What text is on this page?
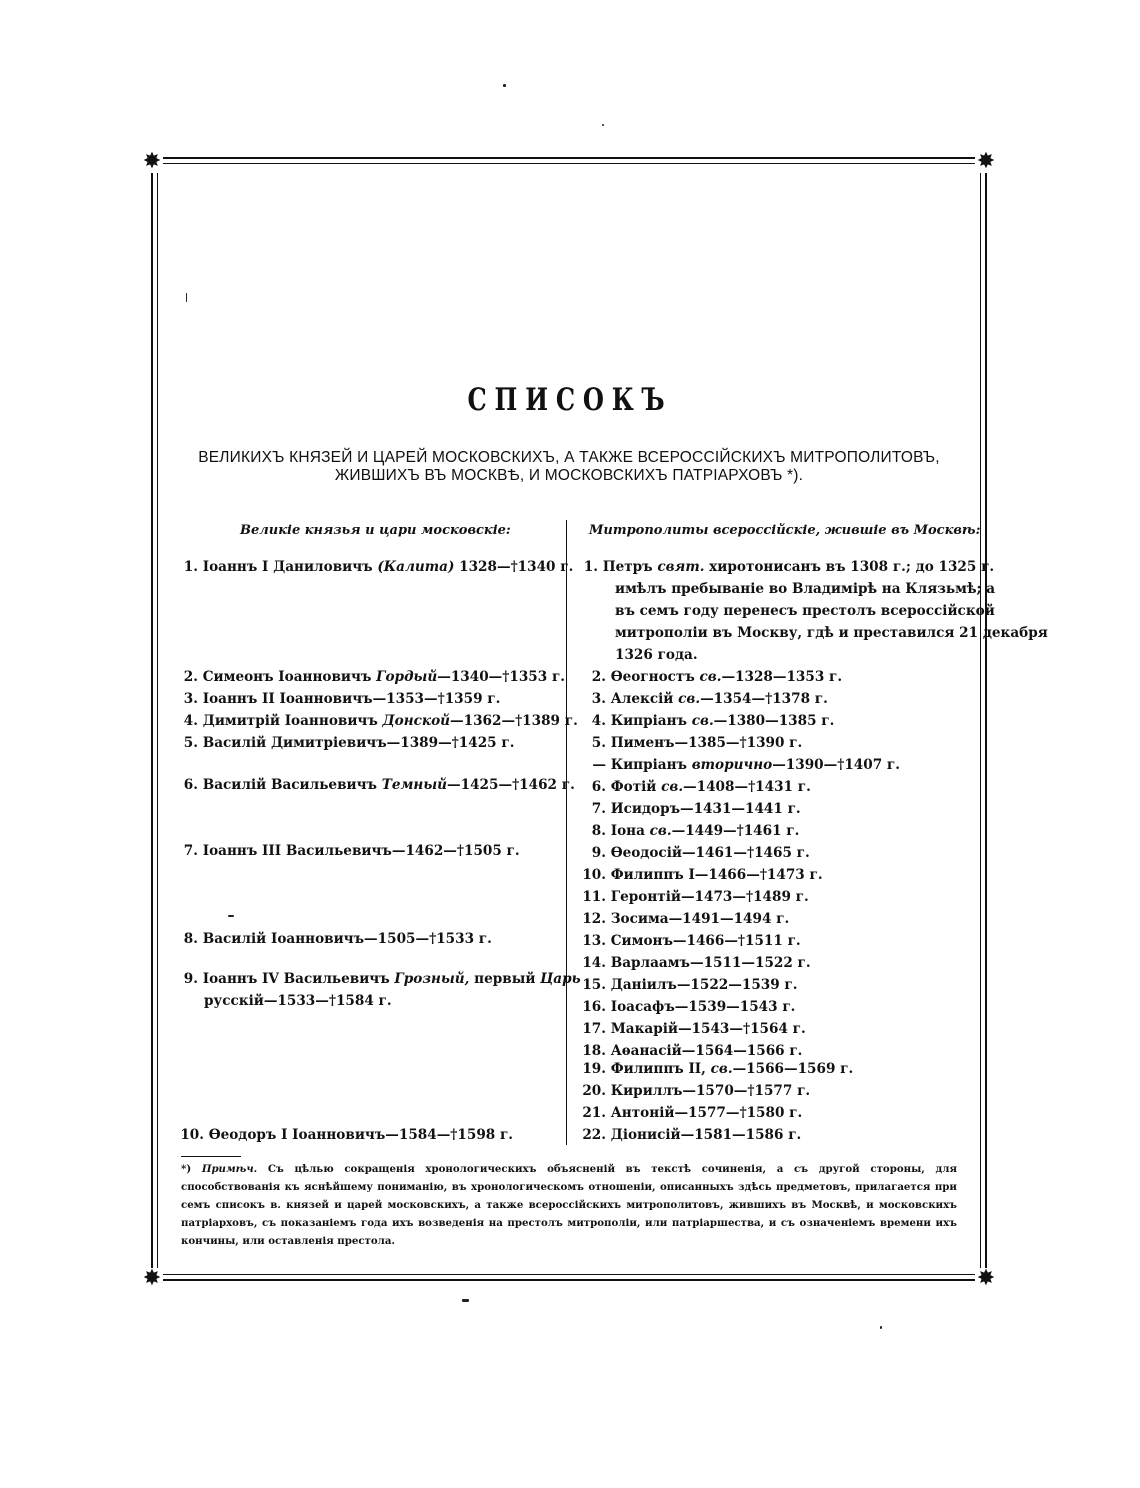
✸	✸
✸	✸
СПИСОКЪ
ВЕЛИКИХЪ КНЯЗЕЙ И ЦАРЕЙ МОСКОВСКИХЪ, А ТАКЖЕ ВСЕРОССІЙСКИХЪ МИТРОПОЛИТОВЪ,
ЖИВШИХЪ ВЪ МОСКВѢ, И МОСКОВСКИХЪ ПАТРІАРХОВЪ *).
Великіе князья и цари московскіе:	Митрополиты всероссійскіе, жившіе въ Москвѣ:
1. Іоаннъ I Даниловичъ (Калита) 1328—†1340 г.
2. Симеонъ Іоанновичъ Гордый—1340—†1353 г.
3. Іоаннъ II Іоанновичъ—1353—†1359 г.
4. Димитрій Іоанновичъ Донской—1362—†1389 г.
5. Василій Димитріевичъ—1389—†1425 г.
6. Василій Васильевичъ Темный—1425—†1462 г.
7. Іоаннъ III Васильевичъ—1462—†1505 г.
8. Василій Іоанновичъ—1505—†1533 г.
9. Іоаннъ IV Васильевичъ Грозный, первый Царь
русскій—1533—†1584 г.
10. Ѳеодоръ I Іоанновичъ—1584—†1598 г.
1. Петръ свят. хиротонисанъ въ 1308 г.; до 1325 г.
имѣлъ пребываніе во Владимірѣ на Клязьмѣ; а
въ семъ году перенесъ престолъ всероссійской
митрополіи въ Москву, гдѣ и преставился 21 декабря
1326 года.
2. Ѳеогностъ св.—1328—1353 г.
3. Алексій св.—1354—†1378 г.
4. Кипріанъ св.—1380—1385 г.
5. Пименъ—1385—†1390 г.
— Кипріанъ вторично—1390—†1407 г.
6. Фотій св.—1408—†1431 г.
7. Исидоръ—1431—1441 г.
8. Іона св.—1449—†1461 г.
9. Ѳеодосій—1461—†1465 г.
10. Филиппъ I—1466—†1473 г.
11. Геронтій—1473—†1489 г.
12. Зосима—1491—1494 г.
13. Симонъ—1466—†1511 г.
14. Варлаамъ—1511—1522 г.
15. Даніилъ—1522—1539 г.
16. Іоасафъ—1539—1543 г.
17. Макарій—1543—†1564 г.
18. Аѳанасій—1564—1566 г.
19. Филиппъ II, св.—1566—1569 г.
20. Кириллъ—1570—†1577 г.
21. Антоній—1577—†1580 г.
22. Діонисій—1581—1586 г.
*) Примѣч. Съ цѣлью сокращенія хронологическихъ объясненій въ текстѣ сочиненія, а съ другой стороны, для способствованія къ яснѣйшему пониманію, въ хронологическомъ отношеніи, описанныхъ здѣсь предметовъ, прилагается при семъ списокъ в. князей и царей московскихъ, а также всероссійскихъ митрополитовъ, жившихъ въ Москвѣ, и московскихъ патріарховъ, съ показаніемъ года ихъ возведенія на престолъ митрополіи, или патріаршества, и съ означеніемъ времени ихъ кончины, или оставленія престола.
